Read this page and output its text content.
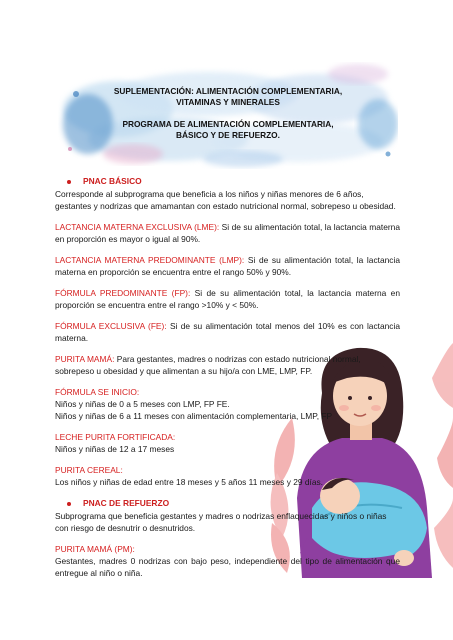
SUPLEMENTACIÓN: ALIMENTACIÓN COMPLEMENTARIA,
VITAMINAS Y MINERALES
PROGRAMA DE ALIMENTACIÓN COMPLEMENTARIA,
BÁSICO Y DE REFUERZO.
PNAC BÁSICO
Corresponde al subprograma que beneficia a los niños y niñas menores de 6 años, gestantes y nodrizas que amamantan con estado nutricional normal, sobrepeso u obesidad.
LACTANCIA MATERNA EXCLUSIVA (LME): Si de su alimentación total, la lactancia materna en proporción es mayor o igual al 90%.
LACTANCIA MATERNA PREDOMINANTE (LMP): Si de su alimentación total, la lactancia materna en proporción se encuentra entre el rango 50% y 90%.
FÓRMULA PREDOMINANTE (FP): Si de su alimentación total, la lactancia materna en proporción se encuentra entre el rango >10% y < 50%.
FÓRMULA EXCLUSIVA (FE): Si de su alimentación total menos del 10% es con lactancia materna.
PURITA MAMÁ: Para gestantes, madres o nodrizas con estado nutricional normal, sobrepeso u obesidad y que alimentan a su hijo/a con LME, LMP, FP.
FÓRMULA SE INICIO:
Niños y niñas de 0 a 5 meses con LMP, FP FE.
Niños y niñas de 6 a 11 meses con alimentación complementaria, LMP, FP
LECHE PURITA FORTIFICADA:
Niños y niñas de 12 a 17 meses
PURITA CEREAL:
Los niños y niñas de edad entre 18 meses y 5 años 11 meses y 29 días.
PNAC DE REFUERZO
Subprograma que beneficia gestantes y madres o nodrizas enflaquecidas y niños o niñas con riesgo de desnutrir o desnutridos.
PURITA MAMÁ (PM):
Gestantes, madres 0 nodrizas con bajo peso, independiente del tipo de alimentación que entregue al niño o niña.
